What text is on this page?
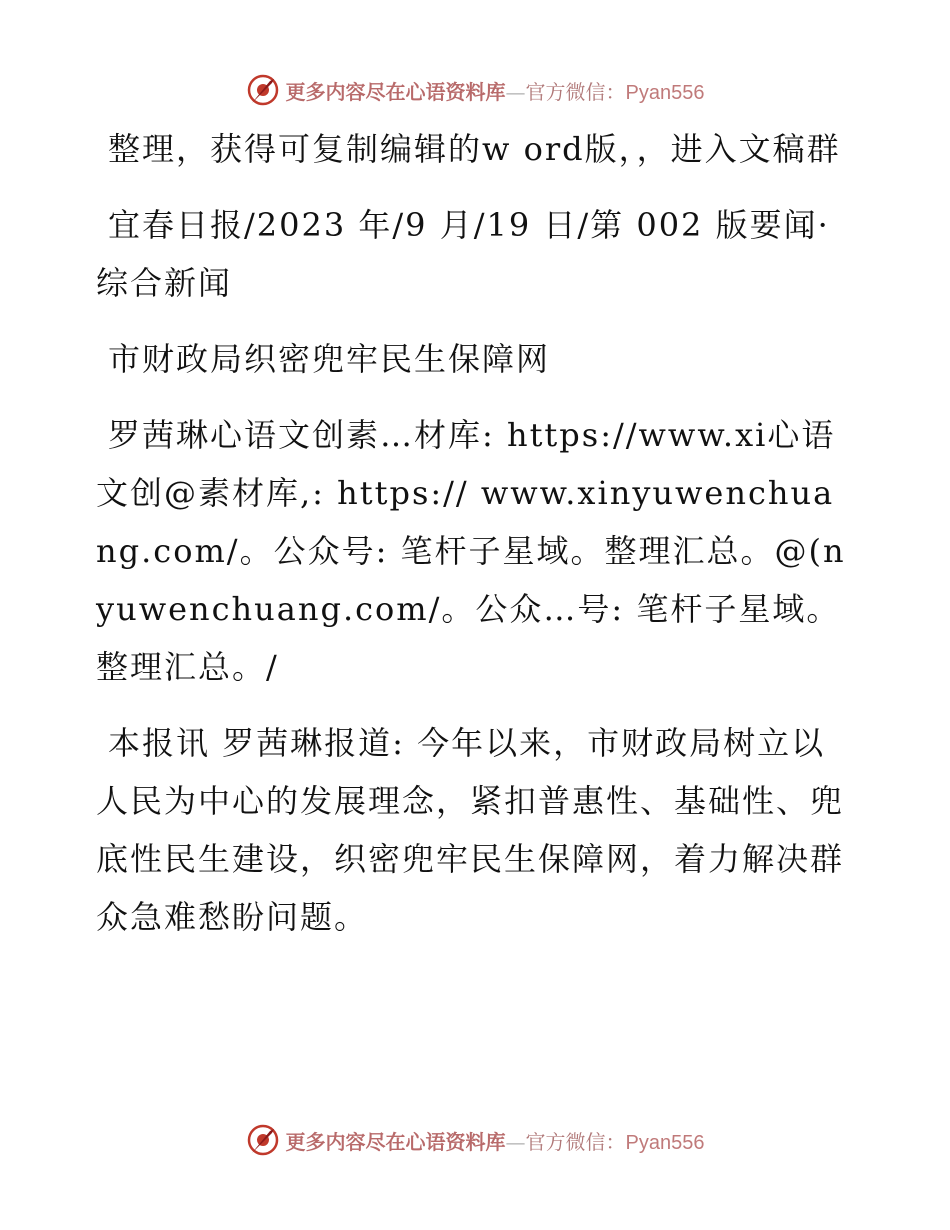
更多内容尽在心语资料库—官方微信：Pyan556

整理，获得可复制编辑的w ord版，，进入文稿群

宜春日报/2023 年/9 月/19 日/第 002 版要闻·综合新闻

市财政局织密兜牢民生保障网

罗茜琳心语文创素…材库: https://www.xi心语文创@素材库,: https:// www.xinyuwenchuang.com/。公众号: 笔杆子星域。整理汇总。@(nyuwenchuang.com/。公众…号: 笔杆子星域。整理汇总。/

本报讯 罗茜琳报道: 今年以来，市财政局树立以人民为中心的发展理念，紧扣普惠性、基础性、兜底性民生建设，织密兜牢民生保障网，着力解决群众急难愁盼问题。

更多内容尽在心语资料库—官方微信：Pyan556
